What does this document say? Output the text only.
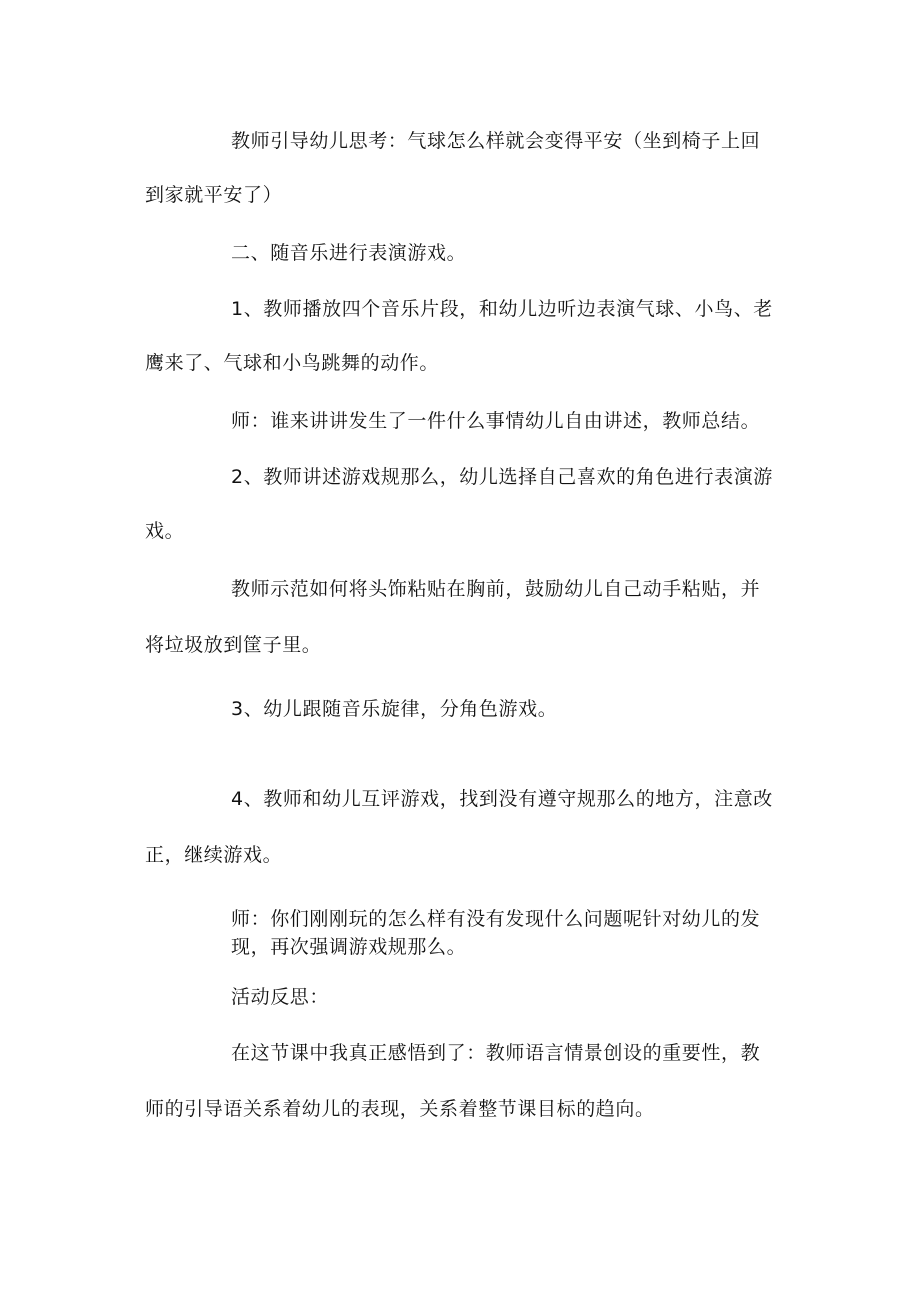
教师引导幼儿思考：气球怎么样就会变得平安（坐到椅子上回
到家就平安了）
二、随音乐进行表演游戏。
1、教师播放四个音乐片段，和幼儿边听边表演气球、小鸟、老
鹰来了、气球和小鸟跳舞的动作。
师：谁来讲讲发生了一件什么事情幼儿自由讲述，教师总结。
2、教师讲述游戏规那么，幼儿选择自己喜欢的角色进行表演游
戏。
教师示范如何将头饰粘贴在胸前，鼓励幼儿自己动手粘贴，并
将垃圾放到筐子里。
3、幼儿跟随音乐旋律，分角色游戏。
4、教师和幼儿互评游戏，找到没有遵守规那么的地方，注意改
正，继续游戏。
师：你们刚刚玩的怎么样有没有发现什么问题呢针对幼儿的发
现，再次强调游戏规那么。
活动反思：
在这节课中我真正感悟到了：教师语言情景创设的重要性，教
师的引导语关系着幼儿的表现，关系着整节课目标的趋向。
